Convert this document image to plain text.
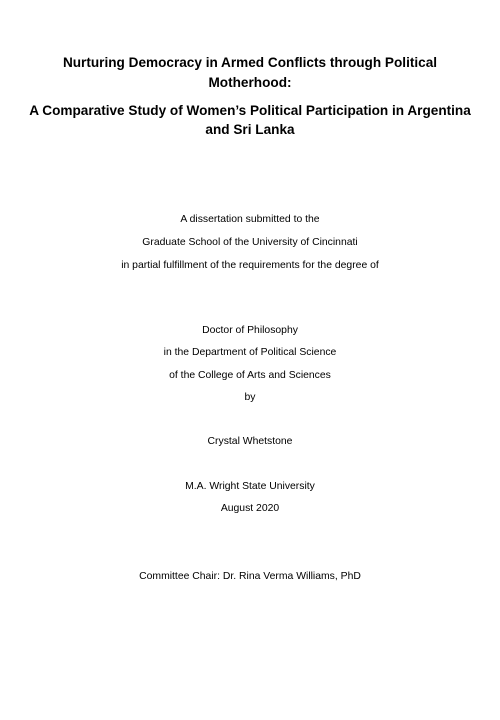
Nurturing Democracy in Armed Conflicts through Political
Motherhood:
A Comparative Study of Women’s Political Participation in Argentina
and Sri Lanka
A dissertation submitted to the
Graduate School of the University of Cincinnati
in partial fulfillment of the requirements for the degree of
Doctor of Philosophy
in the Department of Political Science
of the College of Arts and Sciences
by
Crystal Whetstone
M.A. Wright State University
August 2020
Committee Chair: Dr. Rina Verma Williams, PhD
